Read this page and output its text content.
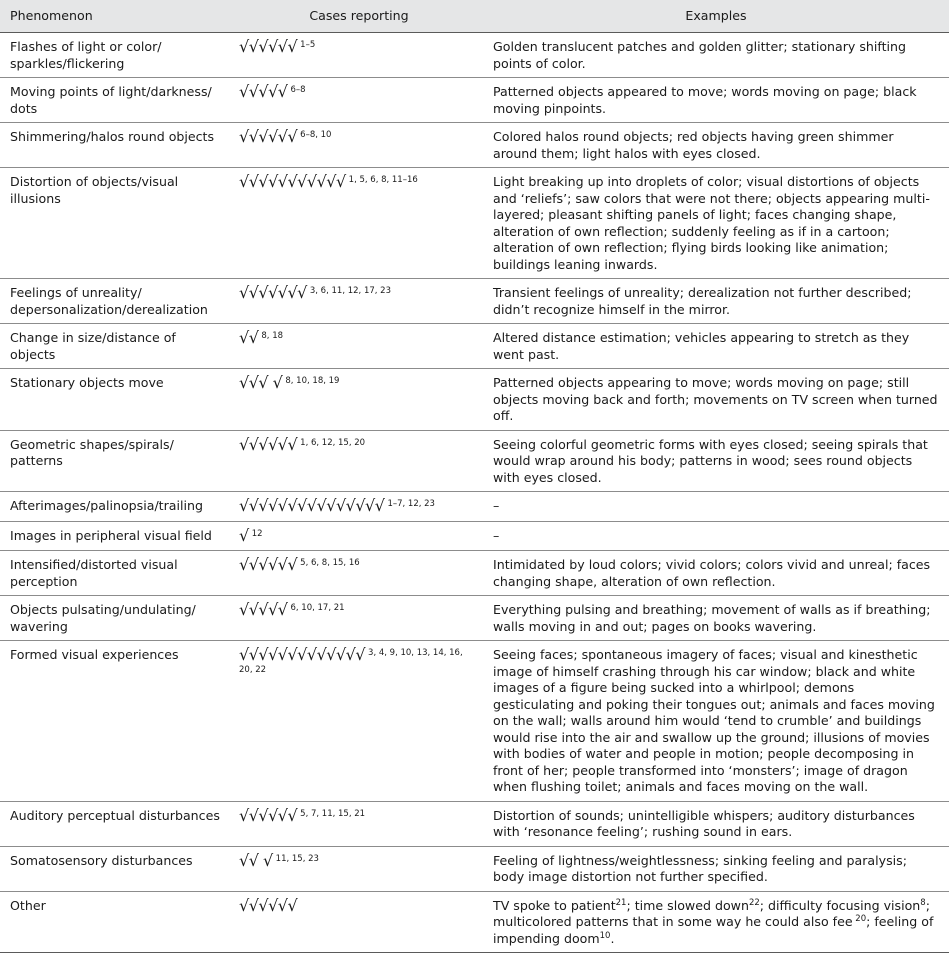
Phenomenon	Cases reporting	Examples
Flashes of light or color/ sparkles/flickering	√√√√√√ $^{1-5}$	Golden translucent patches and golden glitter; stationary shifting points of color.
Moving points of light/darkness/ dots	√√√√√ $^{6-8}$	Patterned objects appeared to move; words moving on page; black moving pinpoints.
Shimmering/halos round objects	√√√√√√ $^{6-8, 10}$	Colored halos round objects; red objects having green shimmer around them; light halos with eyes closed.
Distortion of objects/visual illusions	√√√√√√√√√√√ $^{1, 5, 6, 8, 11-16}$	Light breaking up into droplets of color; visual distortions of objects and ‘reliefs’; saw colors that were not there; objects appearing multi-layered; pleasant shifting panels of light; faces changing shape, alteration of own reflection; suddenly feeling as if in a cartoon; alteration of own reflection; flying birds looking like animation; buildings leaning inwards.
Feelings of unreality/ depersonalization/derealization	√√√√√√√ $^{3, 6, 11, 12, 17, 23}$	Transient feelings of unreality; derealization not further described; didn’t recognize himself in the mirror.
Change in size/distance of objects	√√ $^{8, 18}$	Altered distance estimation; vehicles appearing to stretch as they went past.
Stationary objects move	√√√ √ $^{8, 10, 18, 19}$	Patterned objects appearing to move; words moving on page; still objects moving back and forth; movements on TV screen when turned off.
Geometric shapes/spirals/ patterns	√√√√√√ $^{1, 6, 12, 15, 20}$	Seeing colorful geometric forms with eyes closed; seeing spirals that would wrap around his body; patterns in wood; sees round objects with eyes closed.
Afterimages/palinopsia/trailing	√√√√√√√√√√√√√√√ $^{1-7, 12, 23}$	–
Images in peripheral visual field	√ $^{12}$	–
Intensified/distorted visual perception	√√√√√√ $^{5, 6, 8, 15, 16}$	Intimidated by loud colors; vivid colors; colors vivid and unreal; faces changing shape, alteration of own reflection.
Objects pulsating/undulating/ wavering	√√√√√ $^{6, 10, 17, 21}$	Everything pulsing and breathing; movement of walls as if breathing; walls moving in and out; pages on books wavering.
Formed visual experiences	√√√√√√√√√√√√√ $^{3, 4, 9, 10, 13, 14, 16, 20, 22}$	Seeing faces; spontaneous imagery of faces; visual and kinesthetic image of himself crashing through his car window; black and white images of a figure being sucked into a whirlpool; demons gesticulating and poking their tongues out; animals and faces moving on the wall; walls around him would ‘tend to crumble’ and buildings would rise into the air and swallow up the ground; illusions of movies with bodies of water and people in motion; people decomposing in front of her; people transformed into ‘monsters’; image of dragon when flushing toilet; animals and faces moving on the wall.
Auditory perceptual disturbances	√√√√√√ $^{5, 7, 11, 15, 21}$	Distortion of sounds; unintelligible whispers; auditory disturbances with ‘resonance feeling’; rushing sound in ears.
Somatosensory disturbances	√√ √ $^{11, 15, 23}$	Feeling of lightness/weightlessness; sinking feeling and paralysis; body image distortion not further specified.
Other	√√√√√√	TV spoke to patient$^{21}$; time slowed down$^{22}$; difficulty focusing vision$^8$; multicolored patterns that in some way he could also fee $^{20}$; feeling of impending doom$^{10}$.
